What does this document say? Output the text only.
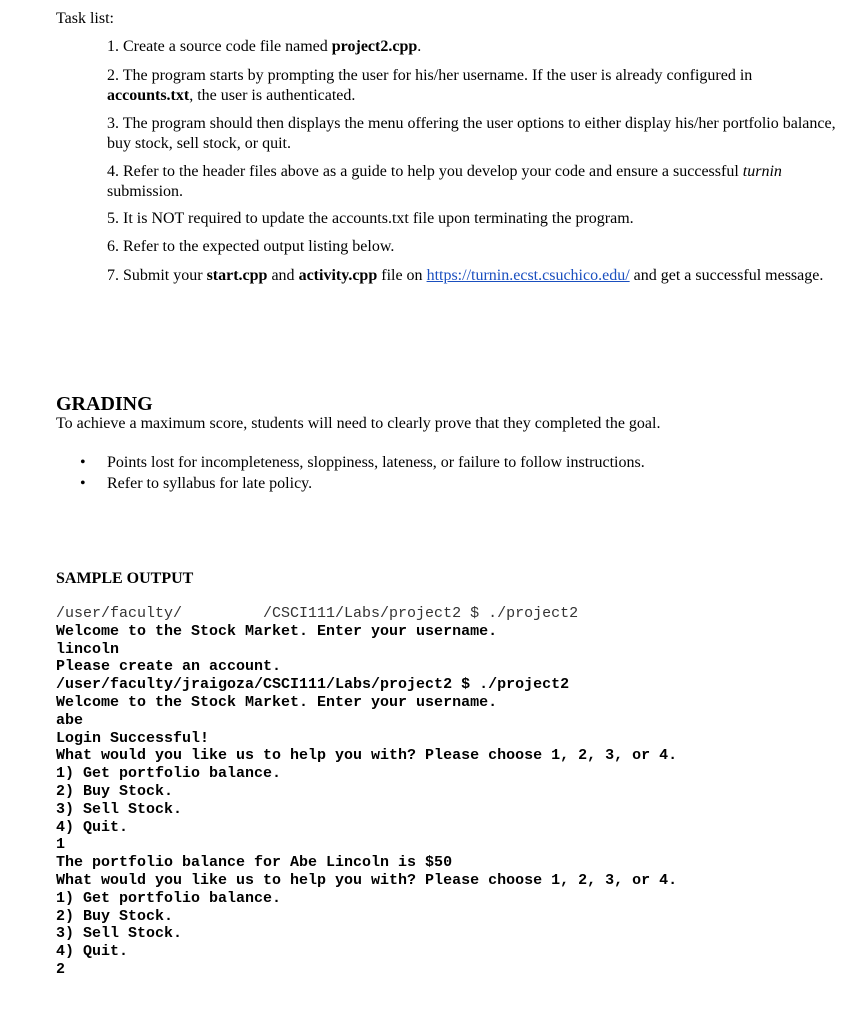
Task list:
1. Create a source code file named project2.cpp.
2. The program starts by prompting the user for his/her username. If the user is already configured in accounts.txt, the user is authenticated.
3. The program should then displays the menu offering the user options to either display his/her portfolio balance, buy stock, sell stock, or quit.
4. Refer to the header files above as a guide to help you develop your code and ensure a successful turnin submission.
5. It is NOT required to update the accounts.txt file upon terminating the program.
6. Refer to the expected output listing below.
7. Submit your start.cpp and activity.cpp file on https://turnin.ecst.csuchico.edu/ and get a successful message.
GRADING
To achieve a maximum score, students will need to clearly prove that they completed the goal.
• Points lost for incompleteness, sloppiness, lateness, or failure to follow instructions.
• Refer to syllabus for late policy.
SAMPLE OUTPUT
/user/faculty/         /CSCI111/Labs/project2 $ ./project2
Welcome to the Stock Market. Enter your username.
lincoln
Please create an account.
/user/faculty/jraigoza/CSCI111/Labs/project2 $ ./project2
Welcome to the Stock Market. Enter your username.
abe
Login Successful!
What would you like us to help you with? Please choose 1, 2, 3, or 4.
1) Get portfolio balance.
2) Buy Stock.
3) Sell Stock.
4) Quit.
1
The portfolio balance for Abe Lincoln is $50
What would you like us to help you with? Please choose 1, 2, 3, or 4.
1) Get portfolio balance.
2) Buy Stock.
3) Sell Stock.
4) Quit.
2
